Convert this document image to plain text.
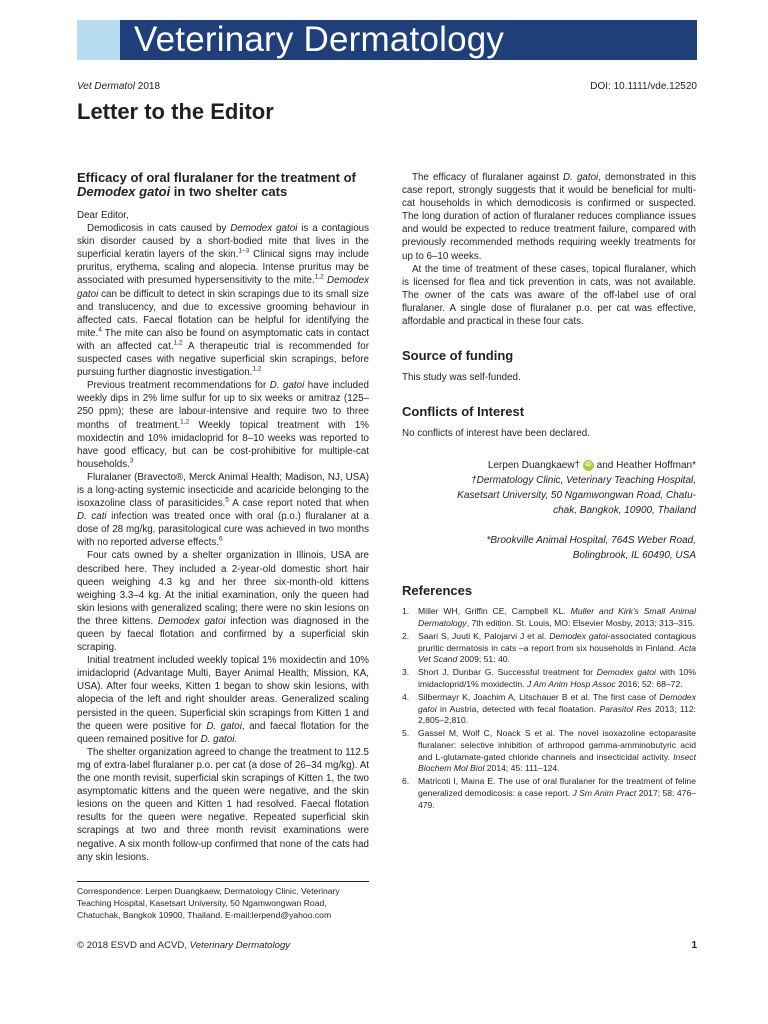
Veterinary Dermatology
Vet Dermatol 2018	DOI: 10.1111/vde.12520
Letter to the Editor
Efficacy of oral fluralaner for the treatment of Demodex gatoi in two shelter cats

Dear Editor,

Demodicosis in cats caused by Demodex gatoi is a contagious skin disorder caused by a short-bodied mite that lives in the superficial keratin layers of the skin.$^{1-3}$ Clinical signs may include pruritus, erythema, scaling and alopecia. Intense pruritus may be associated with presumed hypersensitivity to the mite.$^{1,2}$ Demodex gatoi can be difficult to detect in skin scrapings due to its small size and translucency, and due to excessive grooming behaviour in affected cats. Faecal flotation can be helpful for identifying the mite.$^4$ The mite can also be found on asymptomatic cats in contact with an affected cat.$^{1,2}$ A therapeutic trial is recommended for suspected cases with negative superficial skin scrapings, before pursuing further diagnostic investigation.$^{1,2}$

Previous treatment recommendations for D. gatoi have included weekly dips in 2% lime sulfur for up to six weeks or amitraz (125–250 ppm); these are labour-intensive and require two to three months of treatment.$^{1,2}$ Weekly topical treatment with 1% moxidectin and 10% imidacloprid for 8–10 weeks was reported to have good efficacy, but can be cost-prohibitive for multiple-cat households.$^3$

Fluralaner (Bravecto®, Merck Animal Health; Madison, NJ, USA) is a long-acting systemic insecticide and acaricide belonging to the isoxazoline class of parasiticides.$^5$ A case report noted that when D. cati infection was treated once with oral (p.o.) fluralaner at a dose of 28 mg/kg, parasitological cure was achieved in two months with no reported adverse effects.$^6$

Four cats owned by a shelter organization in Illinois, USA are described here. They included a 2-year-old domestic short hair queen weighing 4.3 kg and her three six-month-old kittens weighing 3.3–4 kg. At the initial examination, only the queen had skin lesions with generalized scaling; there were no skin lesions on the three kittens. Demodex gatoi infection was diagnosed in the queen by faecal flotation and confirmed by a superficial skin scraping.

Initial treatment included weekly topical 1% moxidectin and 10% imidacloprid (Advantage Multi, Bayer Animal Health; Mission, KA, USA). After four weeks, Kitten 1 began to show skin lesions, with alopecia of the left and right shoulder areas. Generalized scaling persisted in the queen. Superficial skin scrapings from Kitten 1 and the queen were positive for D. gatoi, and faecal flotation for the queen remained positive for D. gatoi.

The shelter organization agreed to change the treatment to 112.5 mg of extra-label fluralaner p.o. per cat (a dose of 26–34 mg/kg). At the one month revisit, superficial skin scrapings of Kitten 1, the two asymptomatic kittens and the queen were negative, and the skin lesions on the queen and Kitten 1 had resolved. Faecal flotation results for the queen were negative. Repeated superficial skin scrapings at two and three month revisit examinations were negative. A six month follow-up confirmed that none of the cats had any skin lesions.

Correspondence: Lerpen Duangkaew, Dermatology Clinic, Veterinary Teaching Hospital, Kasetsart University, 50 Ngamwongwan Road, Chatuchak, Bangkok 10900, Thailand. E-mail:lerpend@yahoo.com

The efficacy of fluralaner against D. gatoi, demonstrated in this case report, strongly suggests that it would be beneficial for multi-cat households in which demodicosis is confirmed or suspected. The long duration of action of fluralaner reduces compliance issues and would be expected to reduce treatment failure, compared with previously recommended methods requiring weekly treatments for up to 6–10 weeks.

At the time of treatment of these cases, topical fluralaner, which is licensed for flea and tick prevention in cats, was not available. The owner of the cats was aware of the off-label use of oral fluralaner. A single dose of fluralaner p.o. per cat was effective, affordable and practical in these four cats.

Source of funding

This study was self-funded.

Conflicts of Interest

No conflicts of interest have been declared.

Lerpen Duangkaew† iD and Heather Hoffman*
†Dermatology Clinic, Veterinary Teaching Hospital,
Kasetsart University, 50 Ngamwongwan Road, Chatu-
chak, Bangkok, 10900, Thailand
*Brookville Animal Hospital, 764S Weber Road,
Bolingbrook, IL 60490, USA
References
1. Miller WH, Griffin CE, Campbell KL. Muller and Kirk's Small Animal Dermatology, 7th edition. St. Louis, MO: Elsevier Mosby, 2013; 313–315.
2. Saari S, Juuti K, Palojarvi J et al. Demodex gatoi-associated contagious pruritic dermatosis in cats –a report from six households in Finland. Acta Vet Scand 2009; 51: 40.
3. Short J, Dunbar G. Successful treatment for Demodex gatoi with 10% imidacloprid/1% moxidectin. J Am Anim Hosp Assoc 2016; 52: 68–72.
4. Silbermayr K, Joachim A, Litschauer B et al. The first case of Demodex gatoi in Austria, detected with fecal floatation. Parasitol Res 2013; 112: 2,805–2,810.
5. Gassel M, Wolf C, Noack S et al. The novel isoxazoline ectoparasite fluralaner: selective inhibition of arthropod gamma-amminobutyric acid and L-glutamate-gated chloride channels and insecticidal activity. Insect Biochem Mol Biol 2014; 45: 111–124.
6. Matricoti I, Maina E. The use of oral fluralaner for the treatment of feline generalized demodicosis: a case report. J Sm Anim Pract 2017; 58: 476–479.
© 2018 ESVD and ACVD, Veterinary Dermatology	1
